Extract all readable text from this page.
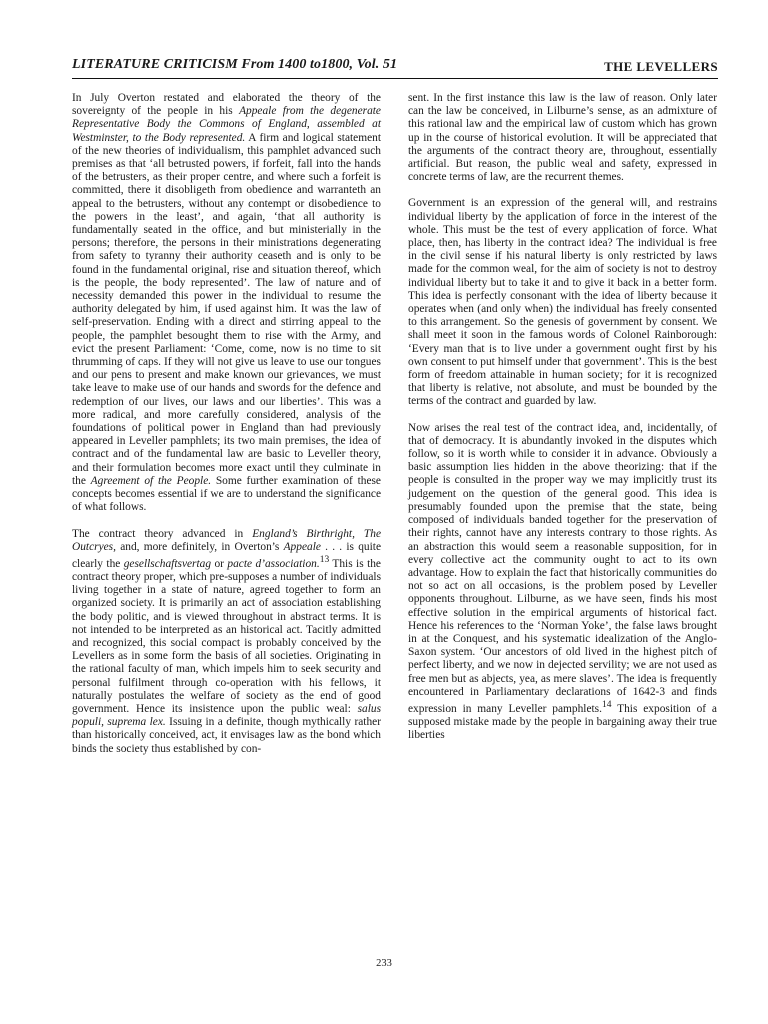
LITERATURE CRITICISM From 1400 to1800, Vol. 51	THE LEVELLERS

In July Overton restated and elaborated the theory of the sovereignty of the people in his Appeale from the degenerate Representative Body the Commons of England, assembled at Westminster, to the Body represented. A firm and logical statement of the new theories of individualism, this pamphlet advanced such premises as that ‘all betrusted powers, if forfeit, fall into the hands of the betrusters, as their proper centre, and where such a forfeit is committed, there it disobligeth from obedience and warranteth an appeal to the betrusters, without any contempt or disobedience to the powers in the least’, and again, ‘that all authority is fundamentally seated in the office, and but ministerially in the persons; therefore, the persons in their ministrations degenerating from safety to tyranny their authority ceaseth and is only to be found in the fundamental original, rise and situation thereof, which is the people, the body represented’. The law of nature and of necessity demanded this power in the individual to resume the authority delegated by him, if used against him. It was the law of self-preservation. Ending with a direct and stirring appeal to the people, the pamphlet besought them to rise with the Army, and evict the present Parliament: ‘Come, come, now is no time to sit thrumming of caps. If they will not give us leave to use our tongues and our pens to present and make known our grievances, we must take leave to make use of our hands and swords for the defence and redemption of our lives, our laws and our liberties’. This was a more radical, and more carefully considered, analysis of the foundations of political power in England than had previously appeared in Leveller pamphlets; its two main premises, the idea of contract and of the fundamental law are basic to Leveller theory, and their formulation becomes more exact until they culminate in the Agreement of the People. Some further examination of these concepts becomes essential if we are to understand the significance of what follows.

The contract theory advanced in England’s Birthright, The Outcryes, and, more definitely, in Overton’s Appeale . . . is quite clearly the gesellschaftsvertag or pacte d’association.$^{13}$ This is the contract theory proper, which pre-supposes a number of individuals living together in a state of nature, agreed together to form an organized society. It is primarily an act of association establishing the body politic, and is viewed throughout in abstract terms. It is not intended to be interpreted as an historical act. Tacitly admitted and recognized, this social compact is probably conceived by the Levellers as in some form the basis of all societies. Originating in the rational faculty of man, which impels him to seek security and personal fulfilment through co-operation with his fellows, it naturally postulates the welfare of society as the end of good government. Hence its insistence upon the public weal: salus populi, suprema lex. Issuing in a definite, though mythically rather than historically conceived, act, it envisages law as the bond which binds the society thus established by con-

sent. In the first instance this law is the law of reason. Only later can the law be conceived, in Lilburne’s sense, as an admixture of this rational law and the empirical law of custom which has grown up in the course of historical evolution. It will be appreciated that the arguments of the contract theory are, throughout, essentially artificial. But reason, the public weal and safety, expressed in concrete terms of law, are the recurrent themes.

Government is an expression of the general will, and restrains individual liberty by the application of force in the interest of the whole. This must be the test of every application of force. What place, then, has liberty in the contract idea? The individual is free in the civil sense if his natural liberty is only restricted by laws made for the common weal, for the aim of society is not to destroy individual liberty but to take it and to give it back in a better form. This idea is perfectly consonant with the idea of liberty because it operates when (and only when) the individual has freely consented to this arrangement. So the genesis of government by consent. We shall meet it soon in the famous words of Colonel Rainborough: ‘Every man that is to live under a government ought first by his own consent to put himself under that government’. This is the best form of freedom attainable in human society; for it is recognized that liberty is relative, not absolute, and must be bounded by the terms of the contract and guarded by law.

Now arises the real test of the contract idea, and, incidentally, of that of democracy. It is abundantly invoked in the disputes which follow, so it is worth while to consider it in advance. Obviously a basic assumption lies hidden in the above theorizing: that if the people is consulted in the proper way we may implicitly trust its judgement on the question of the general good. This idea is presumably founded upon the premise that the state, being composed of individuals banded together for the preservation of their rights, cannot have any interests contrary to those rights. As an abstraction this would seem a reasonable supposition, for in every collective act the community ought to act to its own advantage. How to explain the fact that historically communities do not so act on all occasions, is the problem posed by Leveller opponents throughout. Lilburne, as we have seen, finds his most effective solution in the empirical arguments of historical fact. Hence his references to the ‘Norman Yoke’, the false laws brought in at the Conquest, and his systematic idealization of the Anglo-Saxon system. ‘Our ancestors of old lived in the highest pitch of perfect liberty, and we now in dejected servility; we are not used as free men but as abjects, yea, as mere slaves’. The idea is frequently encountered in Parliamentary declarations of 1642-3 and finds expression in many Leveller pamphlets.$^{14}$ This exposition of a supposed mistake made by the people in bargaining away their true liberties

233
